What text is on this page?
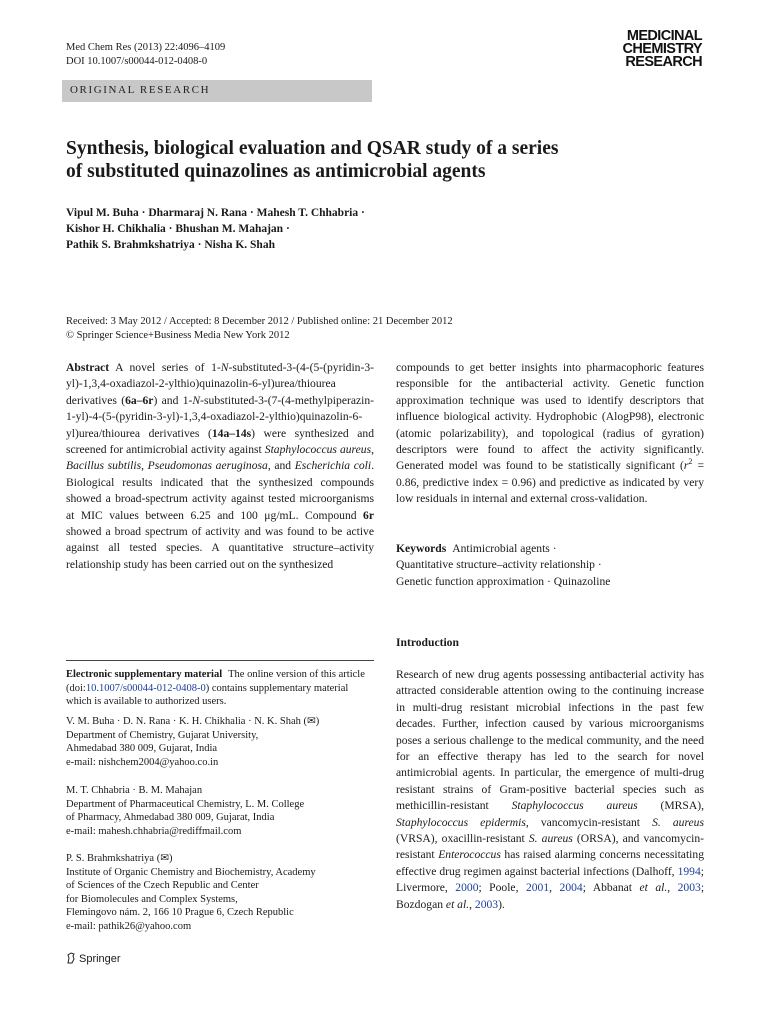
Med Chem Res (2013) 22:4096–4109
DOI 10.1007/s00044-012-0408-0
MEDICINAL
CHEMISTRY
RESEARCH
ORIGINAL RESEARCH
Synthesis, biological evaluation and QSAR study of a series
of substituted quinazolines as antimicrobial agents
Vipul M. Buha · Dharmaraj N. Rana · Mahesh T. Chhabria ·
Kishor H. Chikhalia · Bhushan M. Mahajan ·
Pathik S. Brahmkshatriya · Nisha K. Shah
Received: 3 May 2012 / Accepted: 8 December 2012 / Published online: 21 December 2012
© Springer Science+Business Media New York 2012
Abstract A novel series of 1-N-substituted-3-(4-(5-(pyridin-3-yl)-1,3,4-oxadiazol-2-ylthio)quinazolin-6-yl)urea/thiourea derivatives (6a–6r) and 1-N-substituted-3-(7-(4-methylpiperazin-1-yl)-4-(5-(pyridin-3-yl)-1,3,4-oxadiazol-2-ylthio)quinazolin-6-yl)urea/thiourea derivatives (14a–14s) were synthesized and screened for antimicrobial activity against Staphylococcus aureus, Bacillus subtilis, Pseudomonas aeruginosa, and Escherichia coli. Biological results indicated that the synthesized compounds showed a broad-spectrum activity against tested microorganisms at MIC values between 6.25 and 100 μg/mL. Compound 6r showed a broad spectrum of activity and was found to be active against all tested species. A quantitative structure–activity relationship study has been carried out on the synthesized
compounds to get better insights into pharmacophoric features responsible for the antibacterial activity. Genetic function approximation technique was used to identify descriptors that influence biological activity. Hydrophobic (AlogP98), electronic (atomic polarizability), and topological (radius of gyration) descriptors were found to affect the activity significantly. Generated model was found to be statistically significant ($r^2 = 0.86$, predictive index = 0.96) and predictive as indicated by very low residuals in internal and external cross-validation.
Keywords Antimicrobial agents ·
Quantitative structure–activity relationship ·
Genetic function approximation · Quinazoline
Introduction
Research of new drug agents possessing antibacterial activity has attracted considerable attention owing to the continuing increase in multi-drug resistant microbial infections in the past few decades. Further, infection caused by various microorganisms poses a serious challenge to the medical community, and the need for an effective therapy has led to the search for novel antimicrobial agents. In particular, the emergence of multi-drug resistant strains of Gram-positive bacterial species such as methicillin-resistant Staphylococcus aureus (MRSA), Staphylococcus epidermis, vancomycin-resistant S. aureus (VRSA), oxacillin-resistant S. aureus (ORSA), and vancomycin-resistant Enterococcus has raised alarming concerns necessitating effective drug regimen against bacterial infections (Dalhoff, 1994; Livermore, 2000; Poole, 2001, 2004; Abbanat et al., 2003; Bozdogan et al., 2003).
Electronic supplementary material The online version of this article (doi:10.1007/s00044-012-0408-0) contains supplementary material which is available to authorized users.
V. M. Buha · D. N. Rana · K. H. Chikhalia · N. K. Shah (✉)
Department of Chemistry, Gujarat University,
Ahmedabad 380 009, Gujarat, India
e-mail: nishchem2004@yahoo.co.in
M. T. Chhabria · B. M. Mahajan
Department of Pharmaceutical Chemistry, L. M. College
of Pharmacy, Ahmedabad 380 009, Gujarat, India
e-mail: mahesh.chhabria@rediffmail.com
P. S. Brahmkshatriya (✉)
Institute of Organic Chemistry and Biochemistry, Academy
of Sciences of the Czech Republic and Center
for Biomolecules and Complex Systems,
Flemingovo nám. 2, 166 10 Prague 6, Czech Republic
e-mail: pathik26@yahoo.com
Springer
